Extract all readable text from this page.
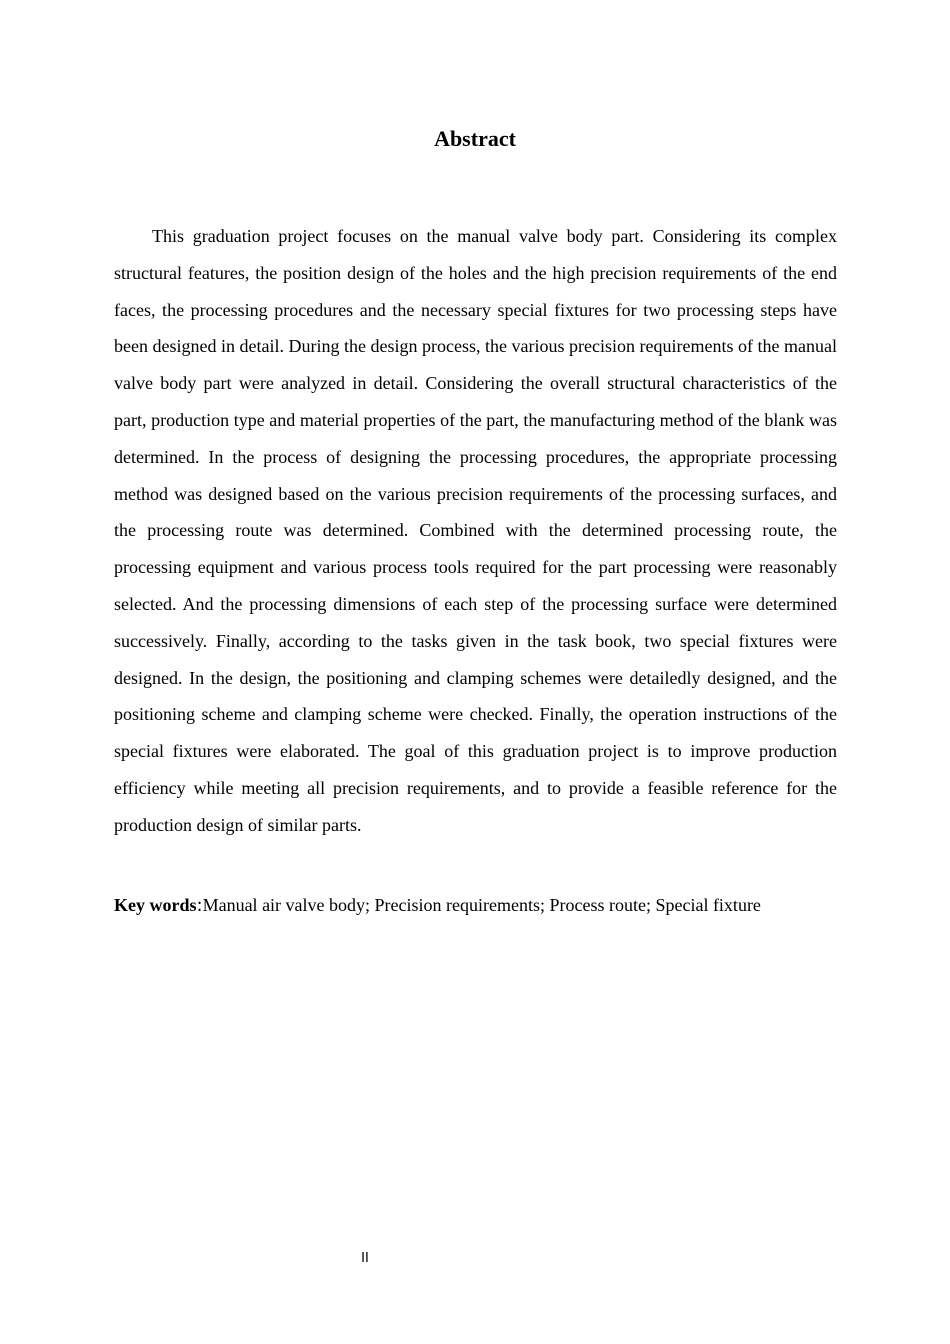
Abstract

This graduation project focuses on the manual valve body part. Considering its complex structural features, the position design of the holes and the high precision requirements of the end faces, the processing procedures and the necessary special fixtures for two processing steps have been designed in detail. During the design process, the various precision requirements of the manual valve body part were analyzed in detail. Considering the overall structural characteristics of the part, production type and material properties of the part, the manufacturing method of the blank was determined. In the process of designing the processing procedures, the appropriate processing method was designed based on the various precision requirements of the processing surfaces, and the processing route was determined. Combined with the determined processing route, the processing equipment and various process tools required for the part processing were reasonably selected. And the processing dimensions of each step of the processing surface were determined successively. Finally, according to the tasks given in the task book, two special fixtures were designed. In the design, the positioning and clamping schemes were detailedly designed, and the positioning scheme and clamping scheme were checked. Finally, the operation instructions of the special fixtures were elaborated. The goal of this graduation project is to improve production efficiency while meeting all precision requirements, and to provide a feasible reference for the production design of similar parts.

Key words:Manual air valve body; Precision requirements; Process route; Special fixture

II
